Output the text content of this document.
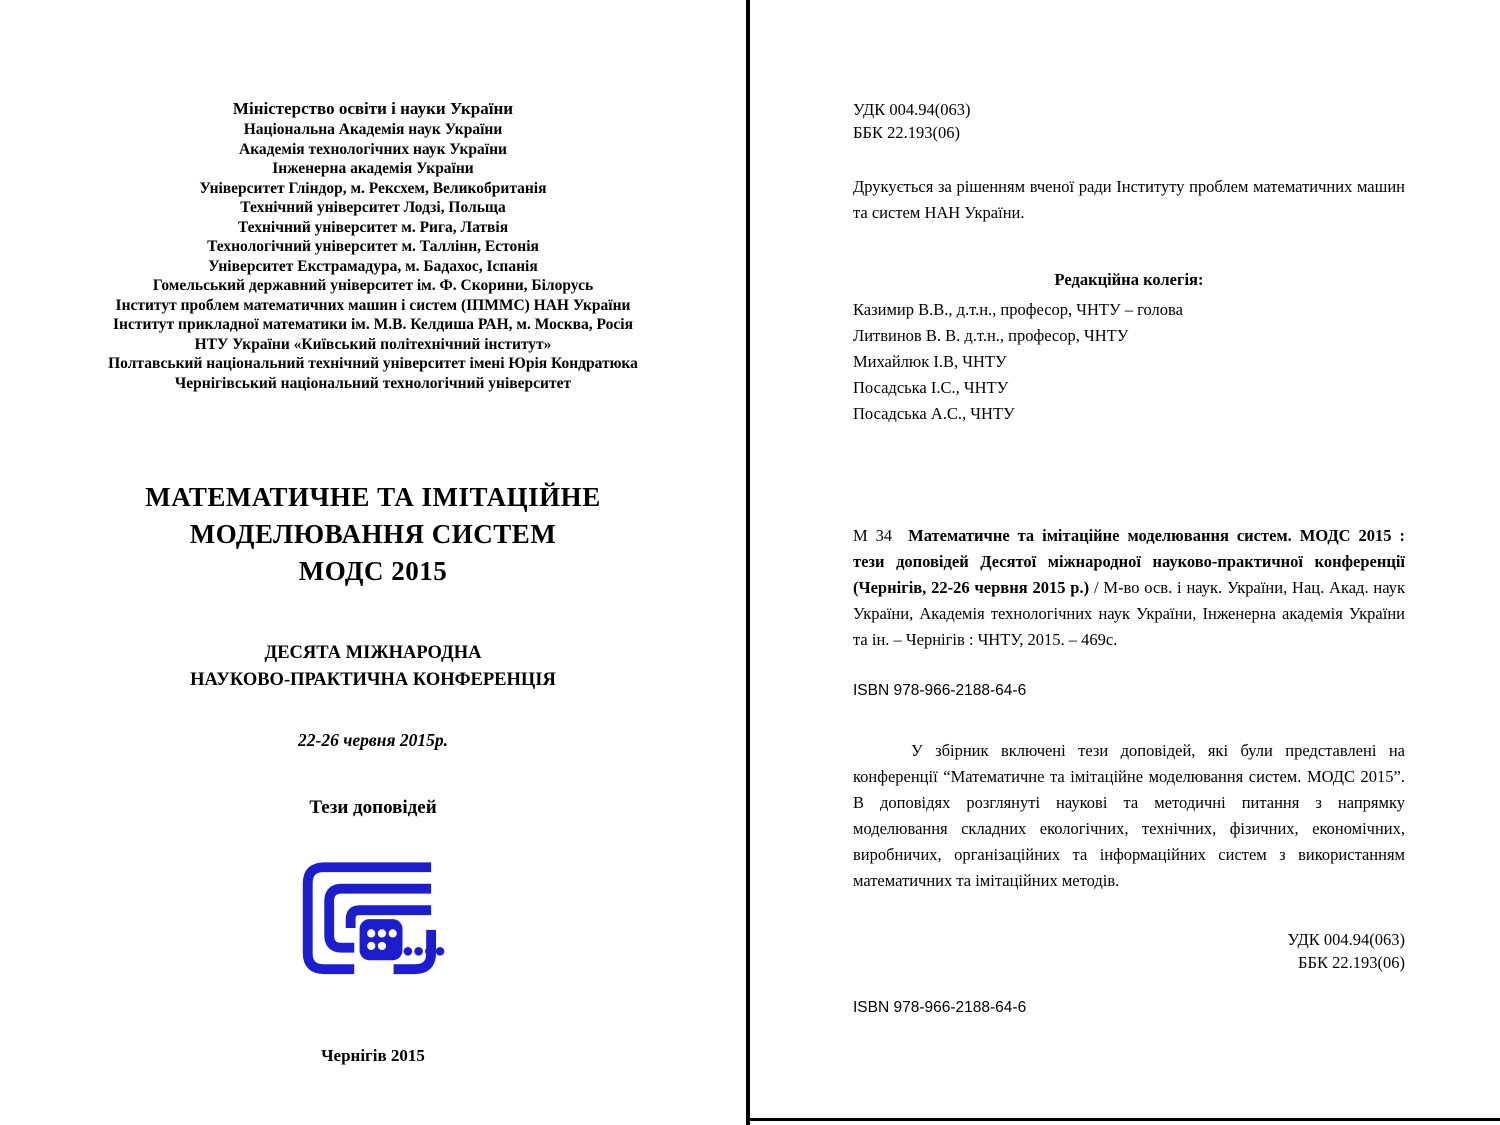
Міністерство освіти і науки України
Національна Академія наук України
Академія технологічних наук України
Інженерна академія України
Університет Гліндор, м. Рексхем, Великобританія
Технічний університет Лодзі, Польща
Технічний університет м. Рига, Латвія
Технологічний університет м. Таллінн, Естонія
Університет Екстрамадура, м. Бадахос, Іспанія
Гомельський державний університет ім. Ф. Скорини, Білорусь
Інститут проблем математичних машин і систем (ІПММС) НАН України
Інститут прикладної математики ім. М.В. Келдиша РАН, м. Москва, Росія
НТУ України «Київський політехнічний інститут»
Полтавський національний технічний університет імені Юрія Кондратюка
Чернігівський національний технологічний університет
МАТЕМАТИЧНЕ ТА ІМІТАЦІЙНЕ
МОДЕЛЮВАННЯ СИСТЕМ
МОДС 2015
ДЕСЯТА МІЖНАРОДНА
НАУКОВО-ПРАКТИЧНА КОНФЕРЕНЦІЯ
22-26 червня 2015р.
Тези доповідей
Чернігів 2015
УДК 004.94(063)
ББК 22.193(06)
Друкується за рішенням вченої ради Інституту проблем математичних машин та систем НАН України.
Редакційна колегія:
Казимир В.В., д.т.н., професор, ЧНТУ – голова
Литвинов В. В. д.т.н., професор, ЧНТУ
Михайлюк І.В, ЧНТУ
Посадська І.С., ЧНТУ
Посадська А.С., ЧНТУ
М 34 Математичне та імітаційне моделювання систем. МОДС 2015 : тези доповідей Десятої міжнародної науково-практичної конференції (Чернігів, 22-26 червня 2015 р.) / М-во осв. і наук. України, Нац. Акад. наук України, Академія технологічних наук України, Інженерна академія України та ін. – Чернігів : ЧНТУ, 2015. – 469с.
ISBN 978-966-2188-64-6
У збірник включені тези доповідей, які були представлені на конференції “Математичне та імітаційне моделювання систем. МОДС 2015”. В доповідях розглянуті наукові та методичні питання з напрямку моделювання складних екологічних, технічних, фізичних, економічних, виробничих, організаційних та інформаційних систем з використанням математичних та імітаційних методів.
УДК 004.94(063)
ББК 22.193(06)
ISBN 978-966-2188-64-6
